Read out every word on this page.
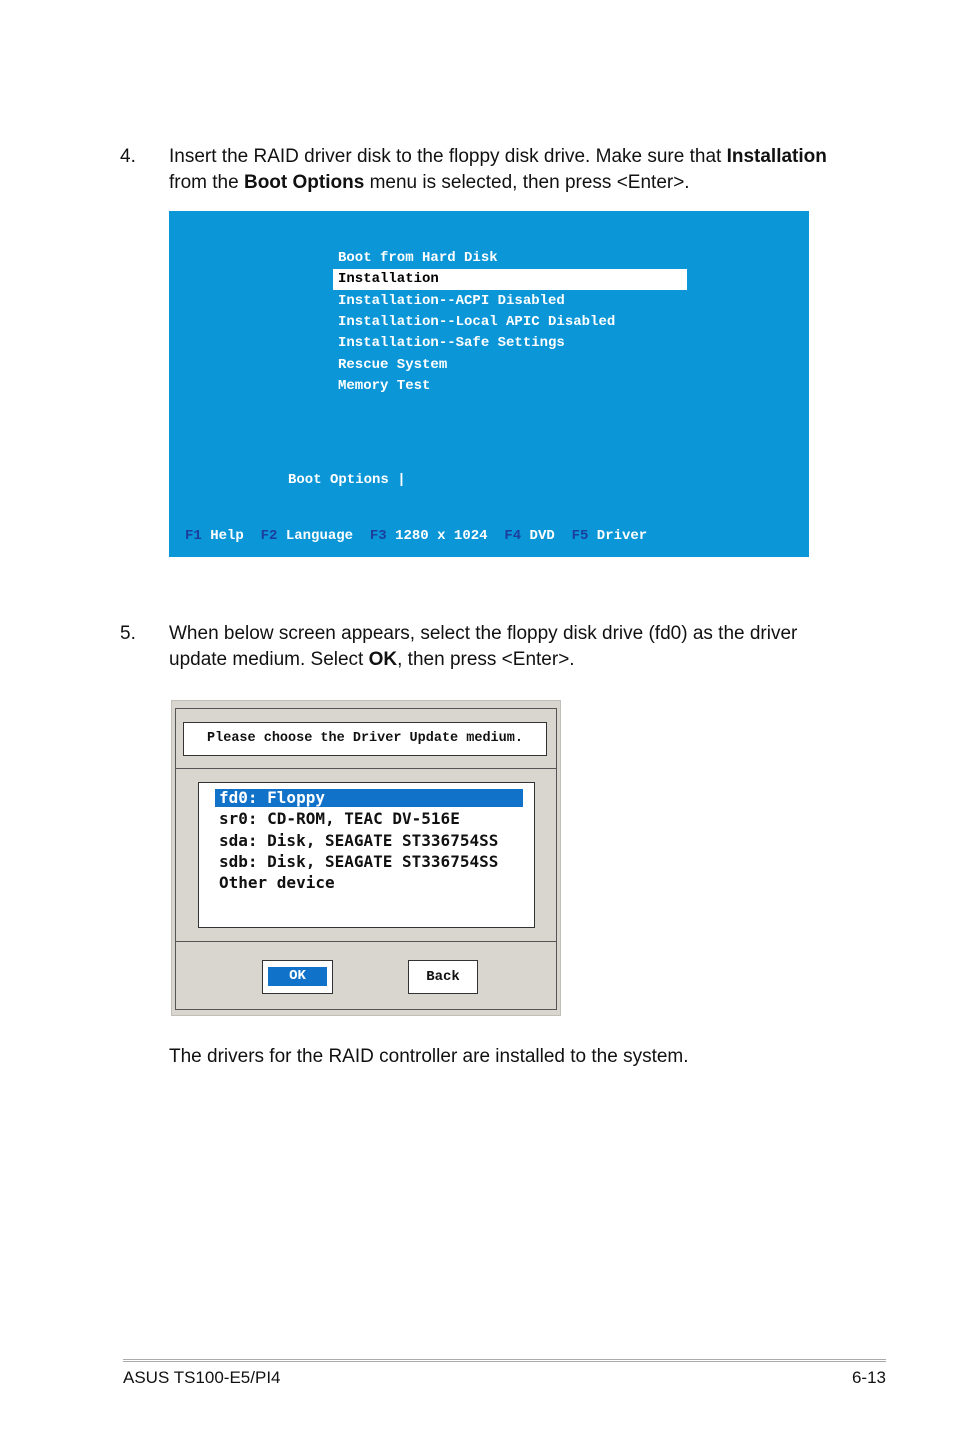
4. Insert the RAID driver disk to the floppy disk drive. Make sure that Installation from the Boot Options menu is selected, then press <Enter>.
Boot from Hard Disk
Installation
Installation--ACPI Disabled
Installation--Local APIC Disabled
Installation--Safe Settings
Rescue System
Memory Test
Boot Options |
F1 Help F2 Language F3 1280 x 1024 F4 DVD F5 Driver
5. When below screen appears, select the floppy disk drive (fd0) as the driver update medium. Select OK, then press <Enter>.
Please choose the Driver Update medium.
fd0: Floppy
sr0: CD-ROM, TEAC DV-516E
sda: Disk, SEAGATE ST336754SS
sdb: Disk, SEAGATE ST336754SS
Other device
OK	Back
The drivers for the RAID controller are installed to the system.
ASUS TS100-E5/PI4	6-13
